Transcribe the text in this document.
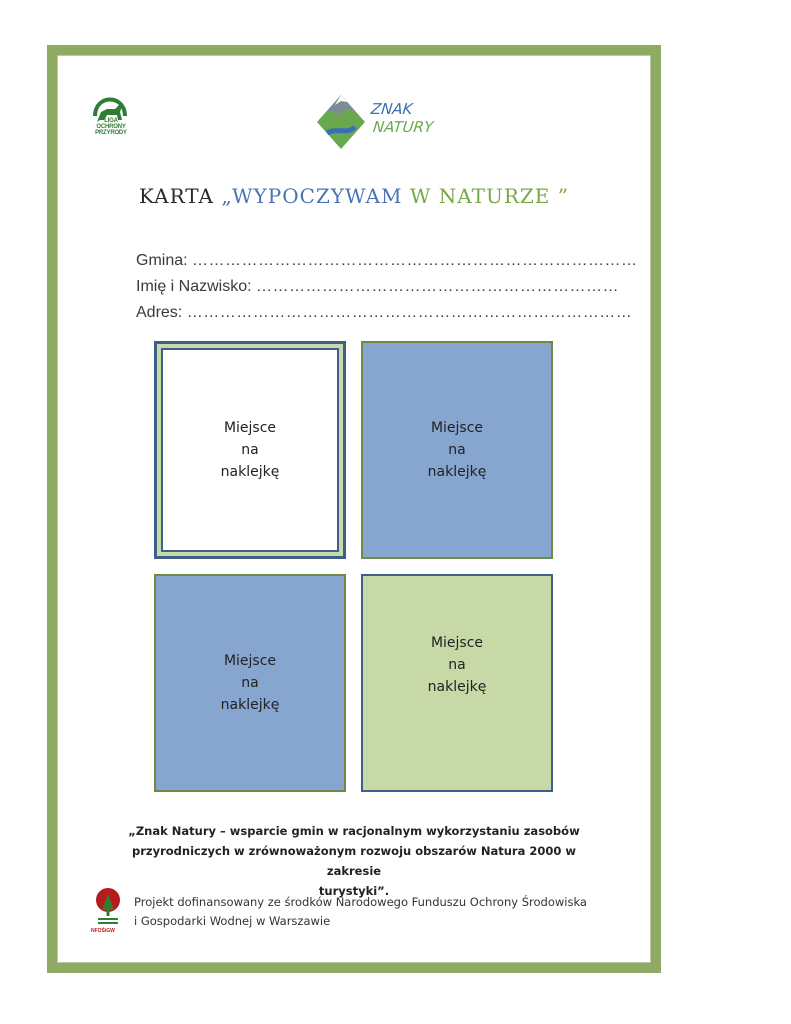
LIGA OCHRONY PRZYRODY
ZNAK
NATURY
KARTA „WYPOCZYWAM W NATURZE ”
Gmina: ………………………………………………………………………
Imię i Nazwisko: …………………………………………………………
Adres: ………………………………………………………………………
Miejsce
na
naklejkę
Miejsce
na
naklejkę
Miejsce
na
naklejkę
Miejsce
na
naklejkę
„Znak Natury – wsparcie gmin w racjonalnym wykorzystaniu zasobów
przyrodniczych w zrównoważonym rozwoju obszarów Natura 2000 w zakresie
turystyki”.
NFOŚiGW
Projekt dofinansowany ze środków Narodowego Funduszu Ochrony Środowiska
i Gospodarki Wodnej w Warszawie
